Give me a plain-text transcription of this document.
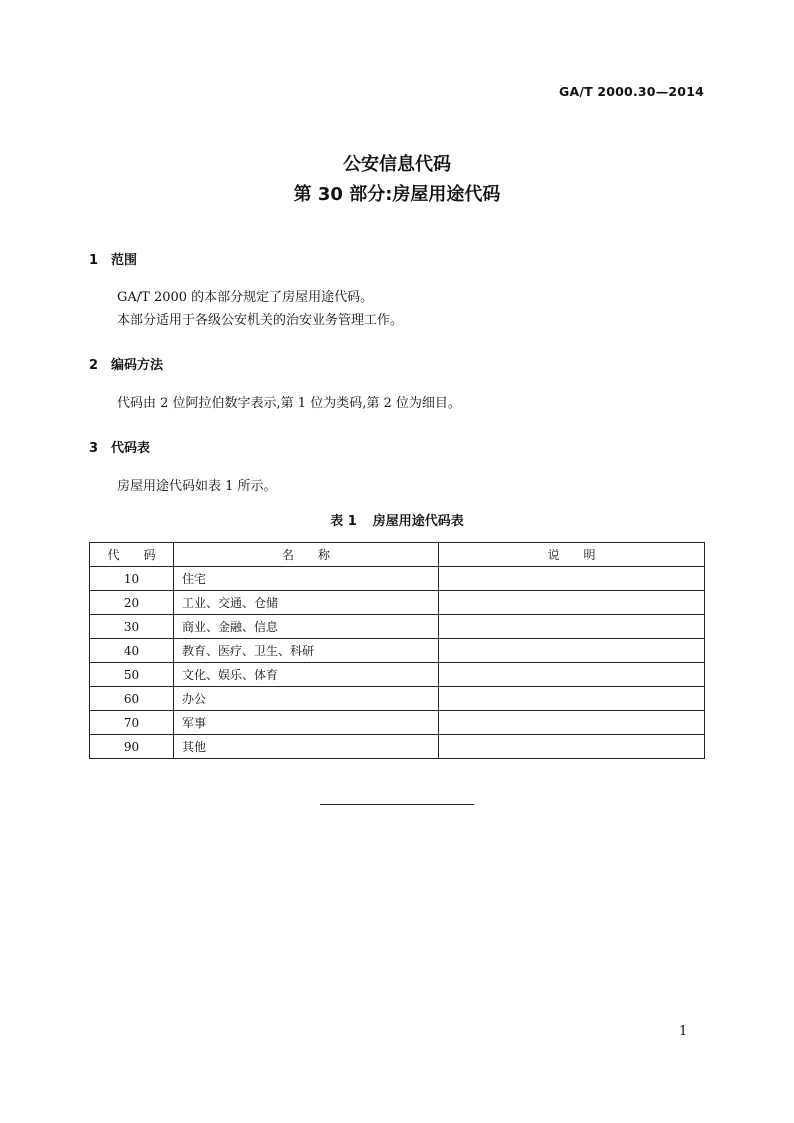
GA/T 2000.30—2014
公安信息代码
第 30 部分:房屋用途代码
1 范围
GA/T 2000 的本部分规定了房屋用途代码。
本部分适用于各级公安机关的治安业务管理工作。
2 编码方法
代码由 2 位阿拉伯数字表示,第 1 位为类码,第 2 位为细目。
3 代码表
房屋用途代码如表 1 所示。
表 1 房屋用途代码表
代码	名称	说明
10	住宅	
20	工业、交通、仓储	
30	商业、金融、信息	
40	教育、医疗、卫生、科研	
50	文化、娱乐、体育	
60	办公	
70	军事	
90	其他	
1
